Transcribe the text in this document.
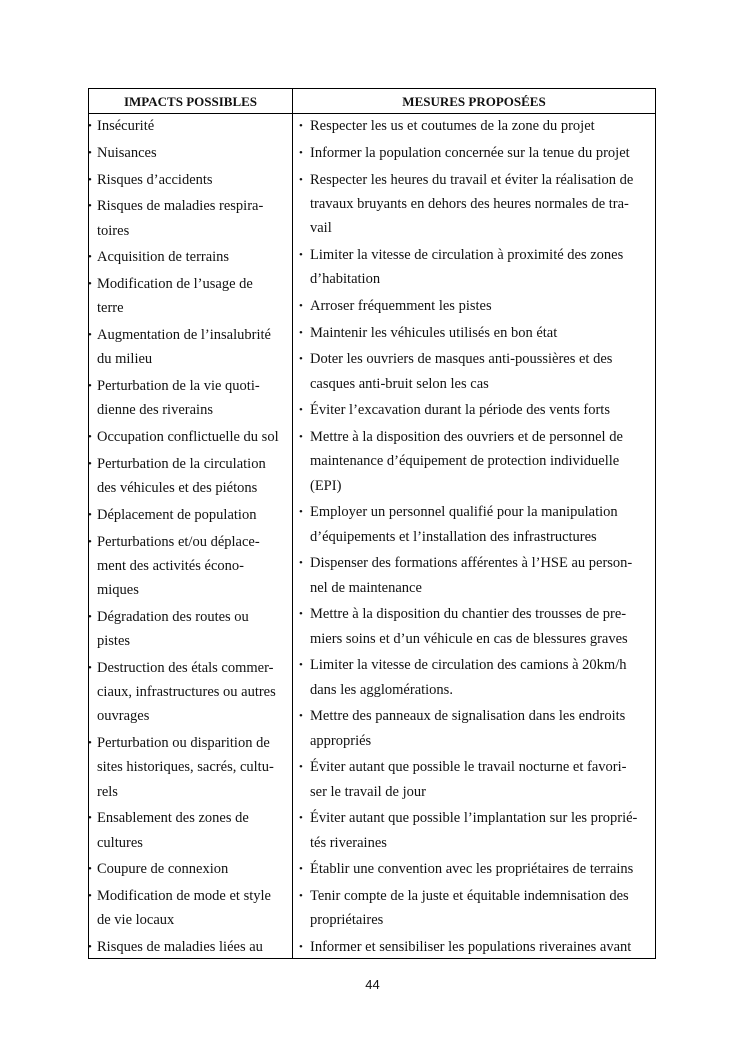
IMPACTS POSSIBLES	MESURES PROPOSÉES
• Insécurité
• Nuisances
• Risques d’accidents
• Risques de maladies respira-
toires
• Acquisition de terrains
• Modification de l’usage de
terre
• Augmentation de l’insalubrité
du milieu
• Perturbation de la vie quoti-
dienne des riverains
• Occupation conflictuelle du sol
• Perturbation de la circulation
des véhicules et des piétons
• Déplacement de population
• Perturbations et/ou déplace-
ment des activités écono-
miques
• Dégradation des routes ou
pistes
• Destruction des étals commer-
ciaux, infrastructures ou autres
ouvrages
• Perturbation ou disparition de
sites historiques, sacrés, cultu-
rels
• Ensablement des zones de
cultures
• Coupure de connexion
• Modification de mode et style
de vie locaux
• Risques de maladies liées au
• Respecter les us et coutumes de la zone du projet
• Informer la population concernée sur la tenue du projet
• Respecter les heures du travail et éviter la réalisation de
travaux bruyants en dehors des heures normales de tra-
vail
• Limiter la vitesse de circulation à proximité des zones
d’habitation
• Arroser fréquemment les pistes
• Maintenir les véhicules utilisés en bon état
• Doter les ouvriers de masques anti-poussières et des
casques anti-bruit selon les cas
• Éviter l’excavation durant la période des vents forts
• Mettre à la disposition des ouvriers et de personnel de
maintenance d’équipement de protection individuelle
(EPI)
• Employer un personnel qualifié pour la manipulation
d’équipements et l’installation des infrastructures
• Dispenser des formations afférentes à l’HSE au person-
nel de maintenance
• Mettre à la disposition du chantier des trousses de pre-
miers soins et d’un véhicule en cas de blessures graves
• Limiter la vitesse de circulation des camions à 20km/h
dans les agglomérations.
• Mettre des panneaux de signalisation dans les endroits
appropriés
• Éviter autant que possible le travail nocturne et favori-
ser le travail de jour
• Éviter autant que possible l’implantation sur les proprié-
tés riveraines
• Établir une convention avec les propriétaires de terrains
• Tenir compte de la juste et équitable indemnisation des
propriétaires
• Informer et sensibiliser les populations riveraines avant
44
